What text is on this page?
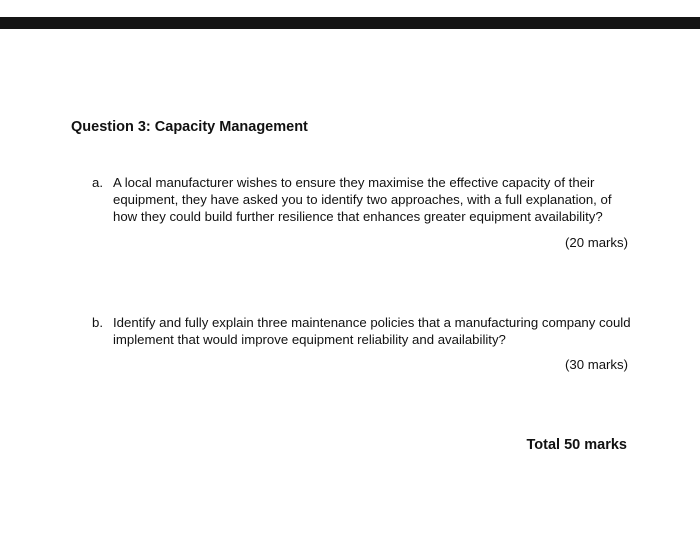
Question 3: Capacity Management
a. A local manufacturer wishes to ensure they maximise the effective capacity of their equipment, they have asked you to identify two approaches, with a full explanation, of how they could build further resilience that enhances greater equipment availability?
(20 marks)
b. Identify and fully explain three maintenance policies that a manufacturing company could implement that would improve equipment reliability and availability?
(30 marks)
Total 50 marks
